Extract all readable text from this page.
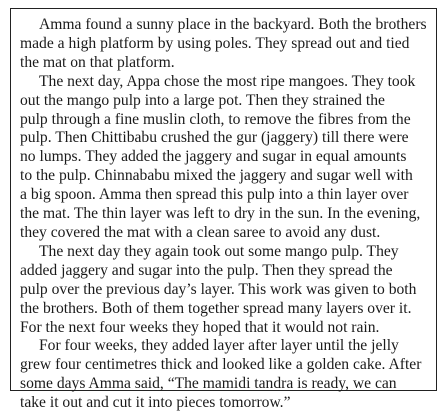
Amma found a sunny place in the backyard. Both the brothers
made a high platform by using poles. They spread out and tied
the mat on that platform.
The next day, Appa chose the most ripe mangoes. They took
out the mango pulp into a large pot. Then they strained the
pulp through a fine muslin cloth, to remove the fibres from the
pulp. Then Chittibabu crushed the gur (jaggery) till there were
no lumps. They added the jaggery and sugar in equal amounts
to the pulp. Chinnababu mixed the jaggery and sugar well with
a big spoon. Amma then spread this pulp into a thin layer over
the mat. The thin layer was left to dry in the sun. In the evening,
they covered the mat with a clean saree to avoid any dust.
The next day they again took out some mango pulp. They
added jaggery and sugar into the pulp. Then they spread the
pulp over the previous day’s layer. This work was given to both
the brothers. Both of them together spread many layers over it.
For the next four weeks they hoped that it would not rain.
For four weeks, they added layer after layer until the jelly
grew four centimetres thick and looked like a golden cake. After
some days Amma said, “The mamidi tandra is ready, we can
take it out and cut it into pieces tomorrow.”
